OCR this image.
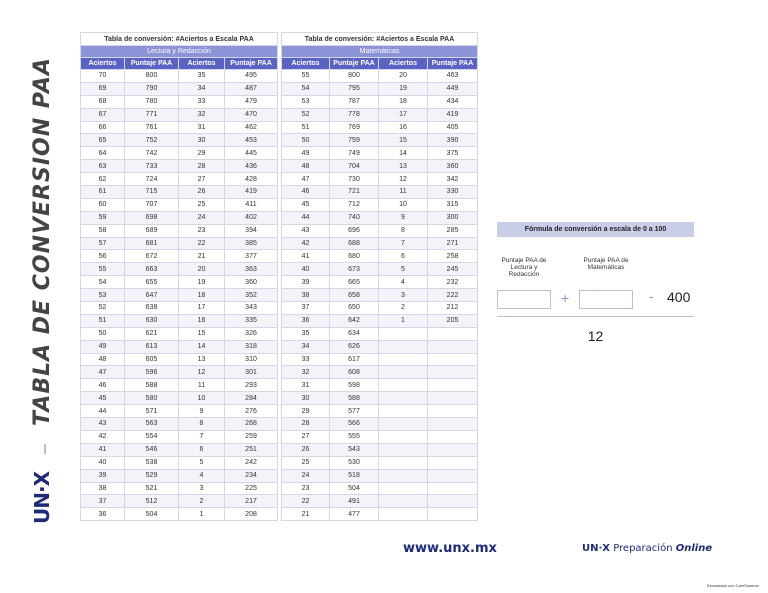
UN·XTABLA DE CONVERSION PAA
Tabla de conversión: #Aciertos a Escala PAA			
Lectura y Redacción			
Aciertos	Puntaje PAA	Aciertos	Puntaje PAA
70	800	35	495
69	790	34	487
68	780	33	479
67	771	32	470
66	761	31	462
65	752	30	453
64	742	29	445
63	733	28	436
62	724	27	428
61	715	26	419
60	707	25	411
59	698	24	402
58	689	23	394
57	681	22	385
56	672	21	377
55	663	20	363
54	655	19	360
53	647	18	352
52	638	17	343
51	630	16	335
50	621	15	326
49	613	14	318
48	605	13	310
47	596	12	301
46	588	11	293
45	580	10	284
44	571	9	276
43	563	8	268
42	554	7	259
41	546	6	251
40	538	5	242
39	529	4	234
38	521	3	225
37	512	2	217
36	504	1	208
Tabla de conversión: #Aciertos a Escala PAA			
Matemáticas			
Aciertos	Puntaje PAA	Aciertos	Puntaje PAA
55	800	20	463
54	795	19	449
53	787	18	434
52	778	17	419
51	769	16	405
50	759	15	390
49	749	14	375
48	704	13	360
47	730	12	342
46	721	11	330
45	712	10	315
44	740	9	300
43	696	8	285
42	688	7	271
41	680	6	258
40	673	5	245
39	665	4	232
38	658	3	222
37	650	2	212
36	642	1	205
35	634		
34	626		
33	617		
32	608		
31	598		
30	588		
29	577		
28	566		
27	555		
26	543		
25	530		
24	518		
23	504		
22	491		
21	477		
Fórmula de conversión a escala de 0 a 100
Puntaje PAA de Lectura y Redacción
Puntaje PAA de Matemáticas
+	- 400
12
www.unx.mx	UN·X Preparación Online
Escaneado con CamScanner
